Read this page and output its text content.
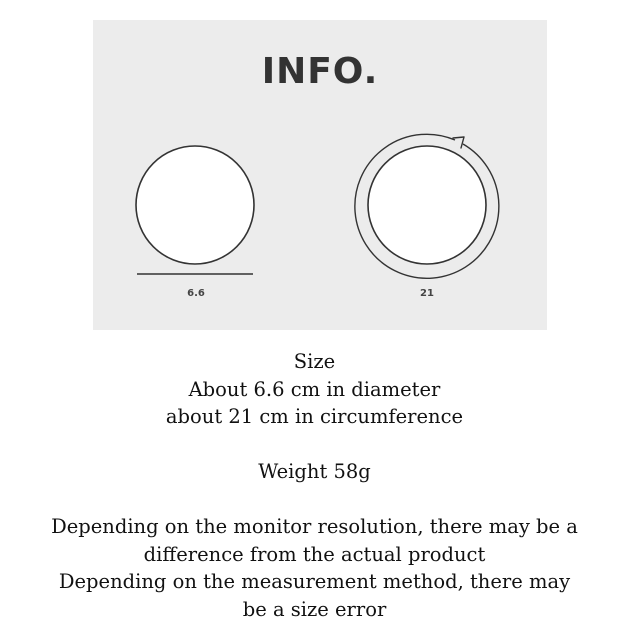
INFO.
6.6	21
Size
About 6.6 cm in diameter
about 21 cm in circumference
Weight 58g
Depending on the monitor resolution, there may be a
difference from the actual product
Depending on the measurement method, there may
be a size error
